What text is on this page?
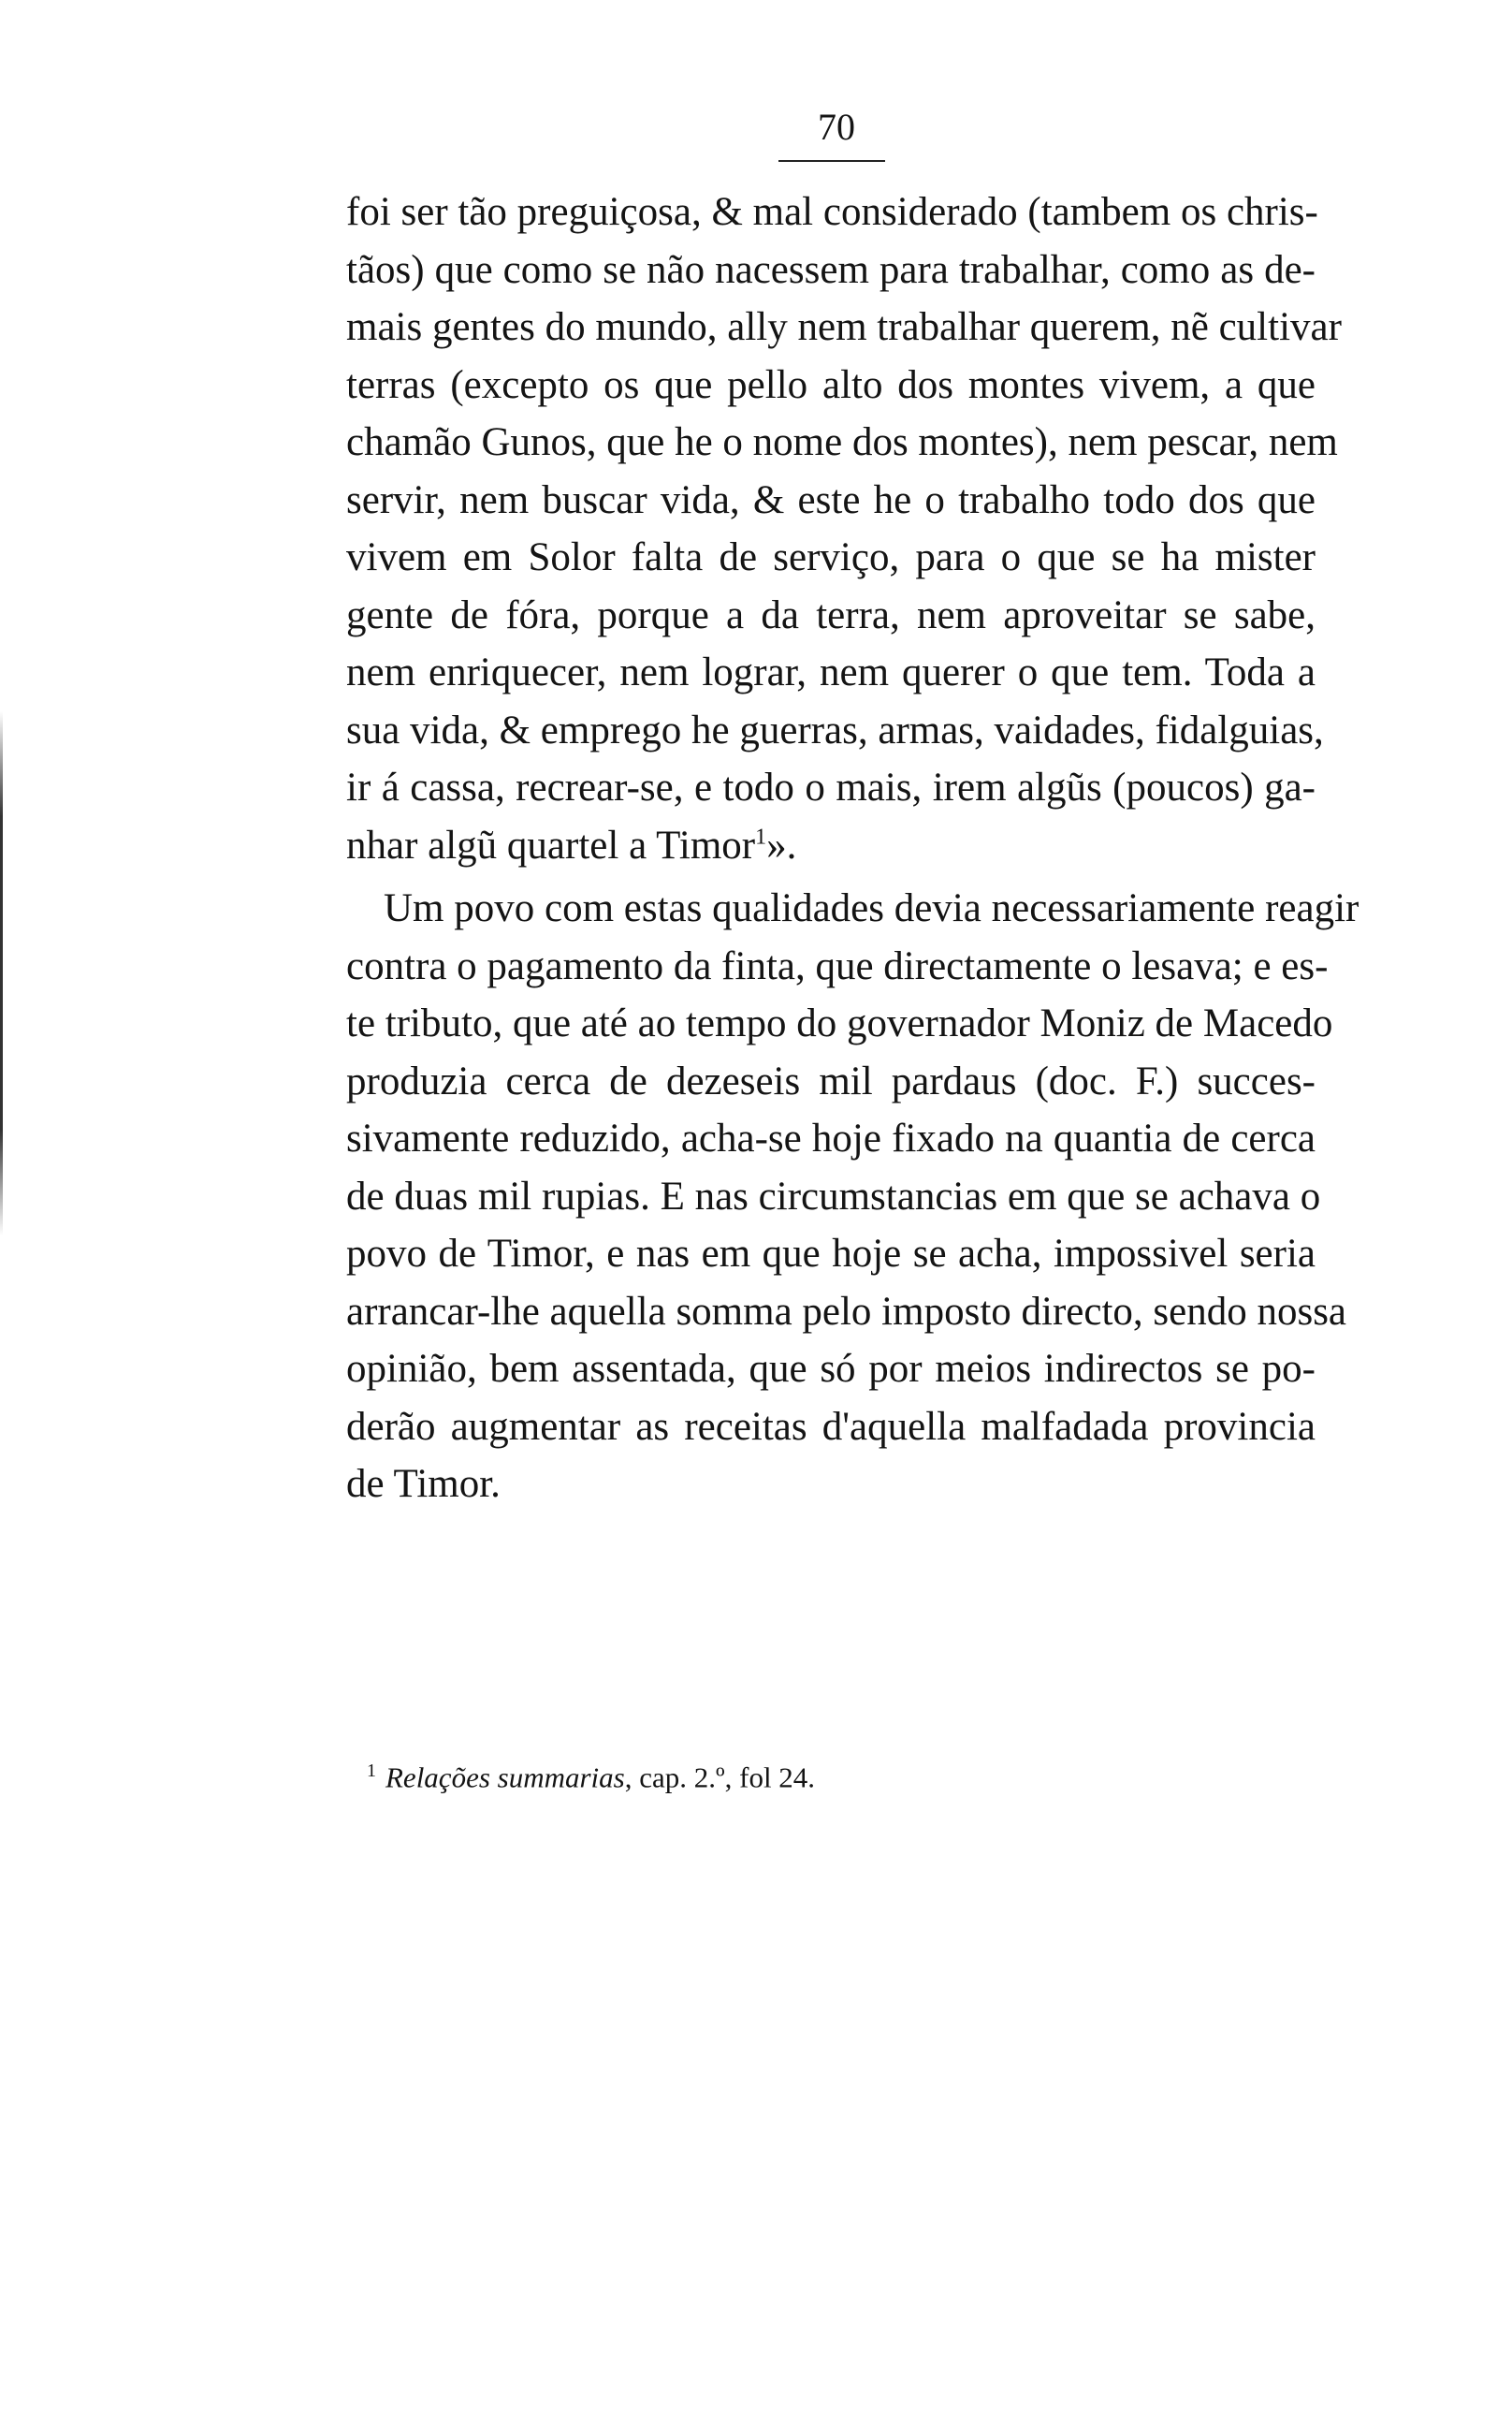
70
foi ser tão preguiçosa, & mal considerado (tambem os chris-
tãos) que como se não nacessem para trabalhar, como as de-
mais gentes do mundo, ally nem trabalhar querem, nẽ cultivar
terras (excepto os que pello alto dos montes vivem, a que
chamão Gunos, que he o nome dos montes), nem pescar, nem
servir, nem buscar vida, & este he o trabalho todo dos que
vivem em Solor falta de serviço, para o que se ha mister
gente de fóra, porque a da terra, nem aproveitar se sabe,
nem enriquecer, nem lograr, nem querer o que tem. Toda a
sua vida, & emprego he guerras, armas, vaidades, fidalguias,
ir á cassa, recrear-se, e todo o mais, irem algũs (poucos) ga-
nhar algũ quartel a Timor$^1$».
Um povo com estas qualidades devia necessariamente reagir
contra o pagamento da finta, que directamente o lesava; e es-
te tributo, que até ao tempo do governador Moniz de Macedo
produzia cerca de dezeseis mil pardaus (doc. F.) succes-
sivamente reduzido, acha-se hoje fixado na quantia de cerca
de duas mil rupias. E nas circumstancias em que se achava o
povo de Timor, e nas em que hoje se acha, impossivel seria
arrancar-lhe aquella somma pelo imposto directo, sendo nossa
opinião, bem assentada, que só por meios indirectos se po-
derão augmentar as receitas d'aquella malfadada provincia
de Timor.
$^1$ Relações summarias, cap. 2.º, fol 24.
